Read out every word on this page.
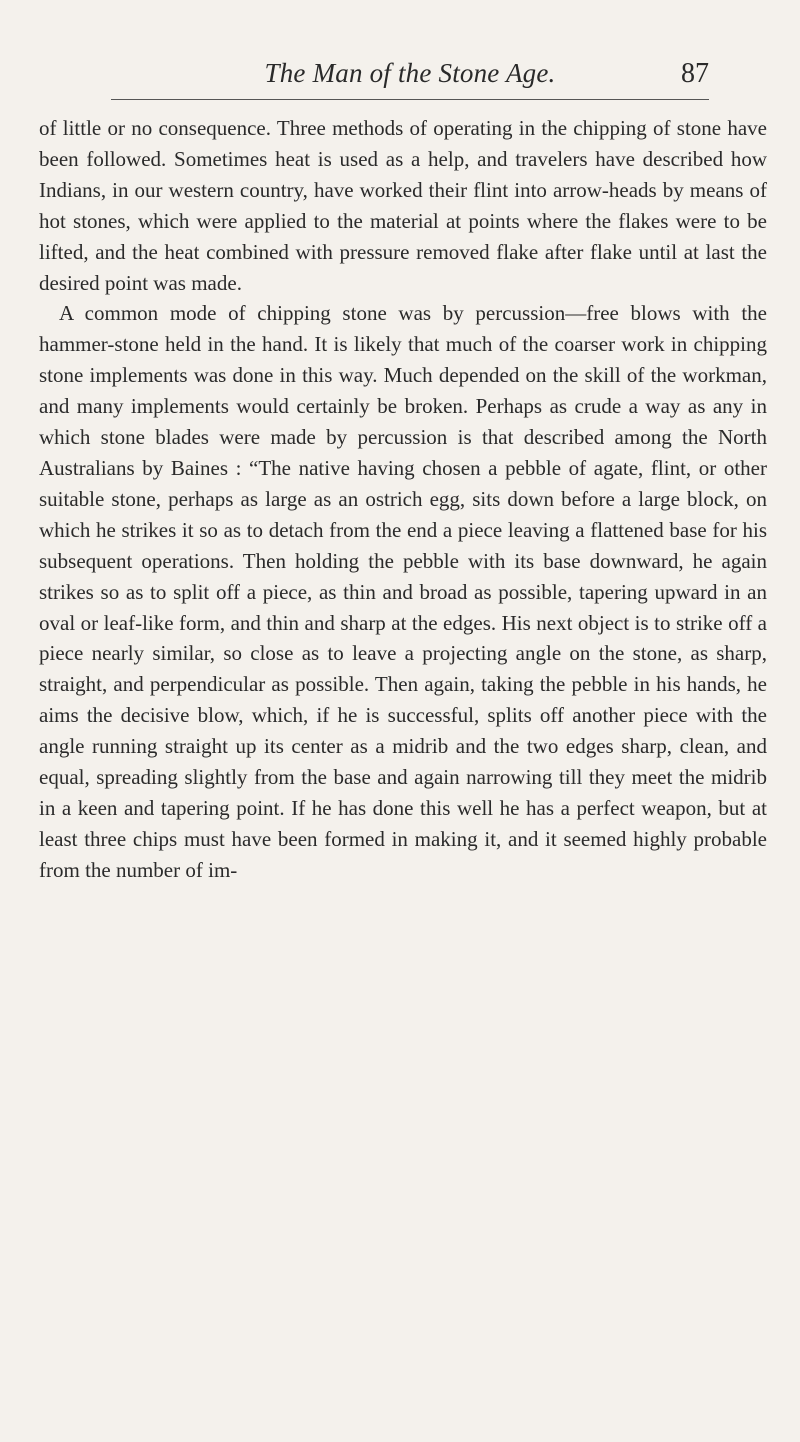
The Man of the Stone Age.	87

of little or no consequence. Three methods of operating in the chipping of stone have been followed. Sometimes heat is used as a help, and travelers have described how Indians, in our western country, have worked their flint into arrow-heads by means of hot stones, which were applied to the material at points where the flakes were to be lifted, and the heat combined with pressure removed flake after flake until at last the desired point was made.

A common mode of chipping stone was by percussion—free blows with the hammer-stone held in the hand. It is likely that much of the coarser work in chipping stone implements was done in this way. Much depended on the skill of the workman, and many implements would certainly be broken. Perhaps as crude a way as any in which stone blades were made by percussion is that described among the North Australians by Baines : “The native having chosen a pebble of agate, flint, or other suitable stone, perhaps as large as an ostrich egg, sits down before a large block, on which he strikes it so as to detach from the end a piece leaving a flattened base for his subsequent operations. Then holding the pebble with its base downward, he again strikes so as to split off a piece, as thin and broad as possible, tapering upward in an oval or leaf-like form, and thin and sharp at the edges. His next object is to strike off a piece nearly similar, so close as to leave a projecting angle on the stone, as sharp, straight, and perpendicular as possible. Then again, taking the pebble in his hands, he aims the decisive blow, which, if he is successful, splits off another piece with the angle running straight up its center as a midrib and the two edges sharp, clean, and equal, spreading slightly from the base and again narrowing till they meet the midrib in a keen and tapering point. If he has done this well he has a perfect weapon, but at least three chips must have been formed in making it, and it seemed highly probable from the number of im-
